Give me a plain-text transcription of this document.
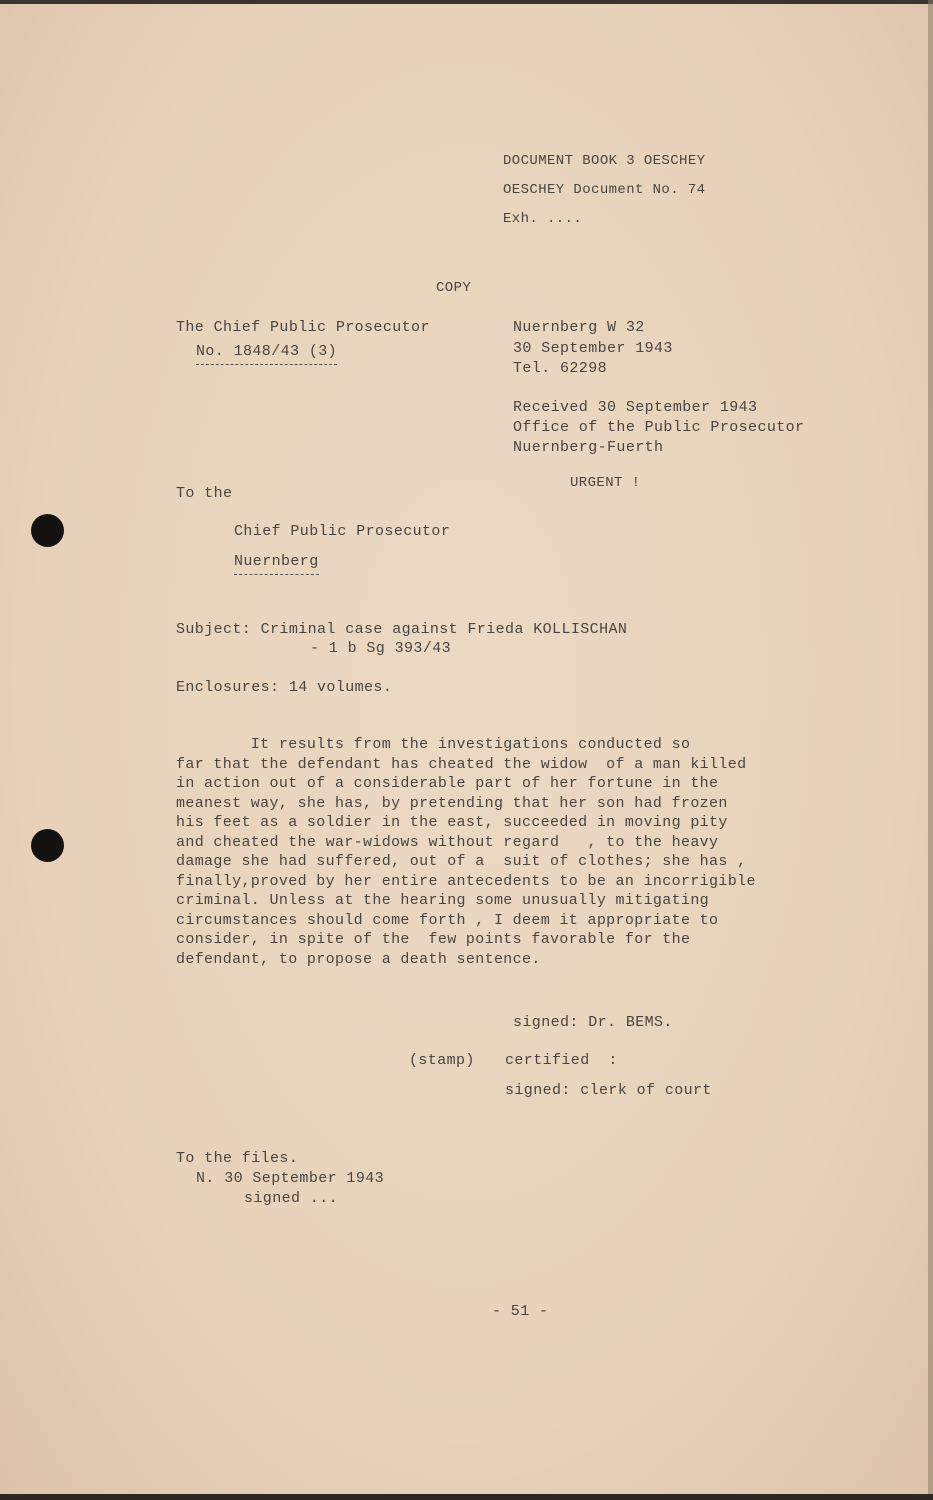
DOCUMENT BOOK 3 OESCHEY
OESCHEY Document No. 74
Exh. ....
COPY
The Chief Public Prosecutor
No. 1848/43 (3)
Nuernberg W 32
30 September 1943
Tel. 62298
Received 30 September 1943
Office of the Public Prosecutor
Nuernberg-Fuerth
URGENT !
To the
Chief Public Prosecutor
Nuernberg
Subject: Criminal case against Frieda KOLLISCHAN
- 1 b Sg 393/43
Enclosures: 14 volumes.
It results from the investigations conducted so
far that the defendant has cheated the widow  of a man killed
in action out of a considerable part of her fortune in the
meanest way, she has, by pretending that her son had frozen
his feet as a soldier in the east, succeeded in moving pity
and cheated the war-widows without regard   , to the heavy
damage she had suffered, out of a  suit of clothes; she has ,
finally,proved by her entire antecedents to be an incorrigible
criminal. Unless at the hearing some unusually mitigating
circumstances should come forth , I deem it appropriate to
consider, in spite of the  few points favorable for the
defendant, to propose a death sentence.
signed: Dr. BEMS.
(stamp) certified  :
signed: clerk of court
To the files.
N. 30 September 1943
signed ...
- 51 -
